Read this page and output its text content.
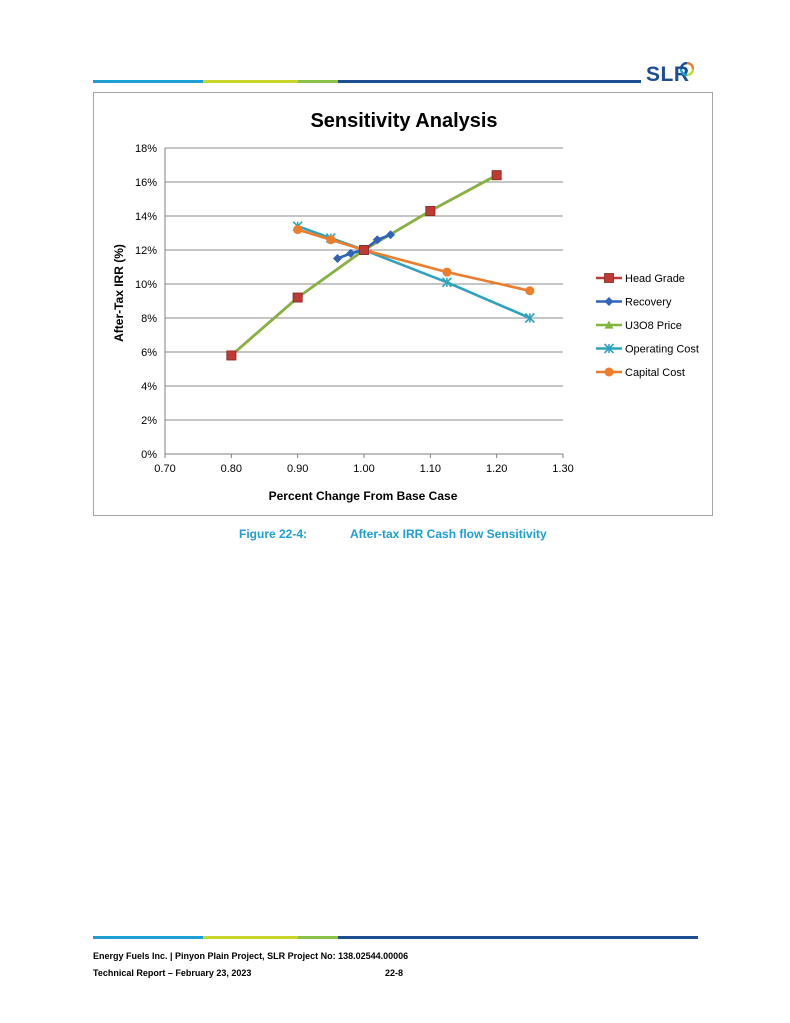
SLR
Sensitivity Analysis
After-Tax IRR (%)
Percent Change From Base Case
0%
2%
4%
6%
8%
10%
12%
14%
16%
18%
0.70	0.80	0.90	1.00	1.10	1.20	1.30
Head Grade
Recovery
U3O8 Price
Operating Cost
Capital Cost
Figure 22-4:	After-tax IRR Cash flow Sensitivity
Energy Fuels Inc. | Pinyon Plain Project, SLR Project No: 138.02544.00006
Technical Report – February 23, 2023	22-8
